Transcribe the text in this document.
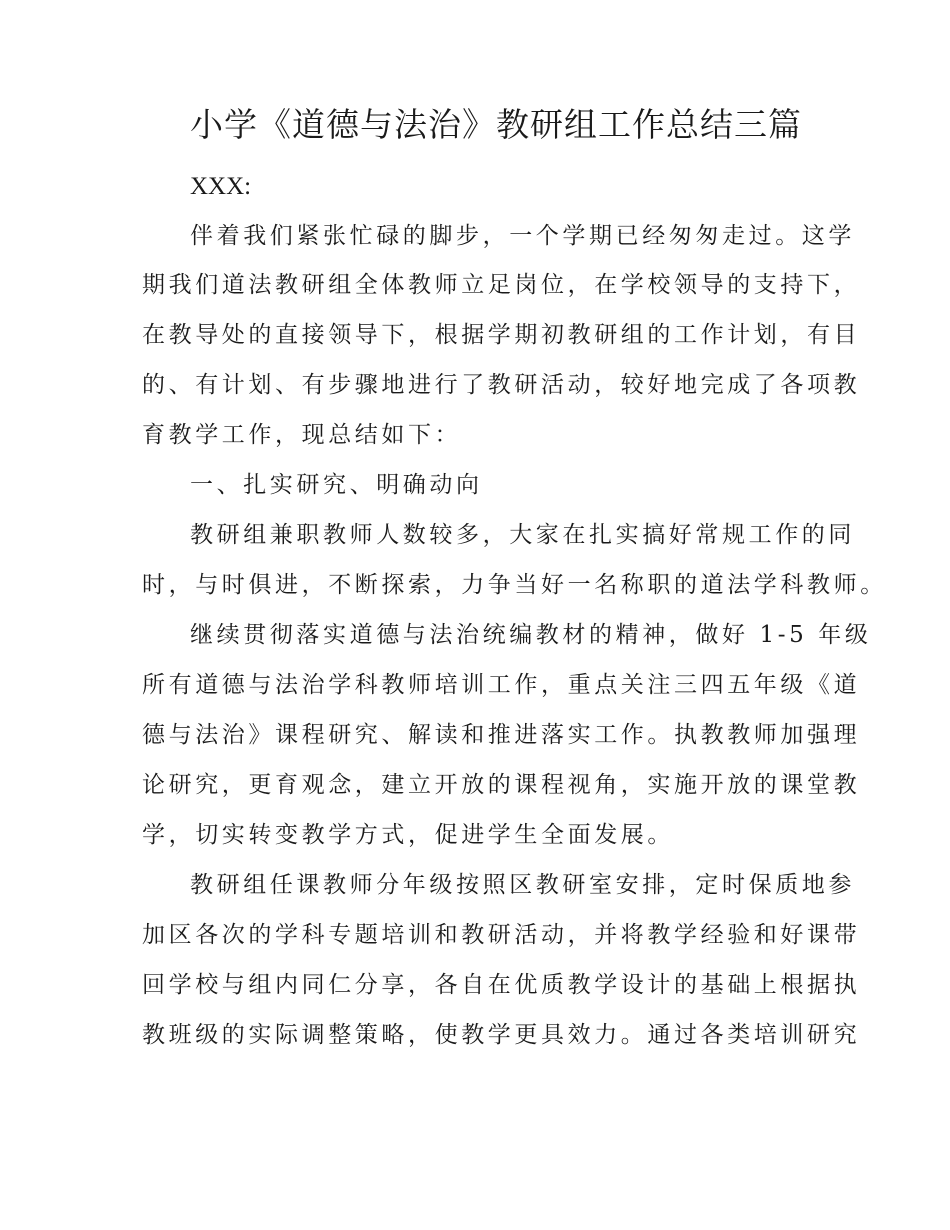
小学《道德与法治》教研组工作总结三篇
XXX:
伴着我们紧张忙碌的脚步，一个学期已经匆匆走过。这学
期我们道法教研组全体教师立足岗位，在学校领导的支持下，
在教导处的直接领导下，根据学期初教研组的工作计划，有目
的、有计划、有步骤地进行了教研活动，较好地完成了各项教
育教学工作，现总结如下：
一、扎实研究、明确动向
教研组兼职教师人数较多，大家在扎实搞好常规工作的同
时，与时俱进，不断探索，力争当好一名称职的道法学科教师。
继续贯彻落实道德与法治统编教材的精神，做好 1-5 年级
所有道德与法治学科教师培训工作，重点关注三四五年级《道
德与法治》课程研究、解读和推进落实工作。执教教师加强理
论研究，更育观念，建立开放的课程视角，实施开放的课堂教
学，切实转变教学方式，促进学生全面发展。
教研组任课教师分年级按照区教研室安排，定时保质地参
加区各次的学科专题培训和教研活动，并将教学经验和好课带
回学校与组内同仁分享，各自在优质教学设计的基础上根据执
教班级的实际调整策略，使教学更具效力。通过各类培训研究
